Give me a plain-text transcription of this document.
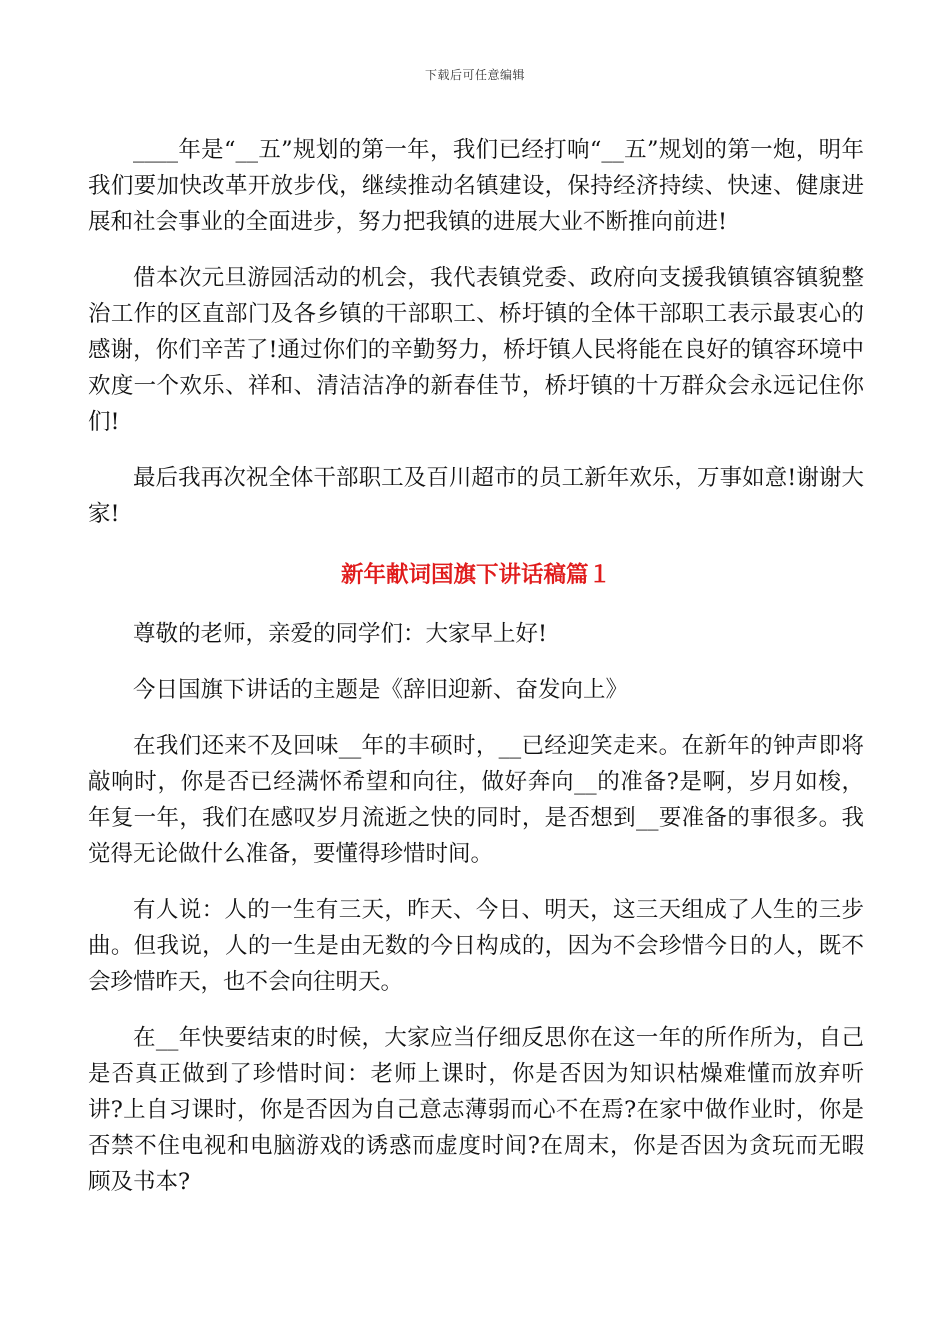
下载后可任意编辑

____年是“__五”规划的第一年，我们已经打响“__五”规划的第一炮，明年我们要加快改革开放步伐，继续推动名镇建设，保持经济持续、快速、健康进展和社会事业的全面进步，努力把我镇的进展大业不断推向前进!

借本次元旦游园活动的机会，我代表镇党委、政府向支援我镇镇容镇貌整治工作的区直部门及各乡镇的干部职工、桥圩镇的全体干部职工表示最衷心的感谢，你们辛苦了!通过你们的辛勤努力，桥圩镇人民将能在良好的镇容环境中欢度一个欢乐、祥和、清洁洁净的新春佳节，桥圩镇的十万群众会永远记住你们!

最后我再次祝全体干部职工及百川超市的员工新年欢乐，万事如意!谢谢大家!

新年献词国旗下讲话稿篇１

尊敬的老师，亲爱的同学们：大家早上好!

今日国旗下讲话的主题是《辞旧迎新、奋发向上》

在我们还来不及回味__年的丰硕时，__已经迎笑走来。在新年的钟声即将敲响时，你是否已经满怀希望和向往，做好奔向__的准备?是啊，岁月如梭，年复一年，我们在感叹岁月流逝之快的同时，是否想到__要准备的事很多。我觉得无论做什么准备，要懂得珍惜时间。

有人说：人的一生有三天，昨天、今日、明天，这三天组成了人生的三步曲。但我说，人的一生是由无数的今日构成的，因为不会珍惜今日的人，既不会珍惜昨天，也不会向往明天。

在__年快要结束的时候，大家应当仔细反思你在这一年的所作所为，自己是否真正做到了珍惜时间：老师上课时，你是否因为知识枯燥难懂而放弃听讲?上自习课时，你是否因为自己意志薄弱而心不在焉?在家中做作业时，你是否禁不住电视和电脑游戏的诱惑而虚度时间?在周末，你是否因为贪玩而无暇顾及书本?
